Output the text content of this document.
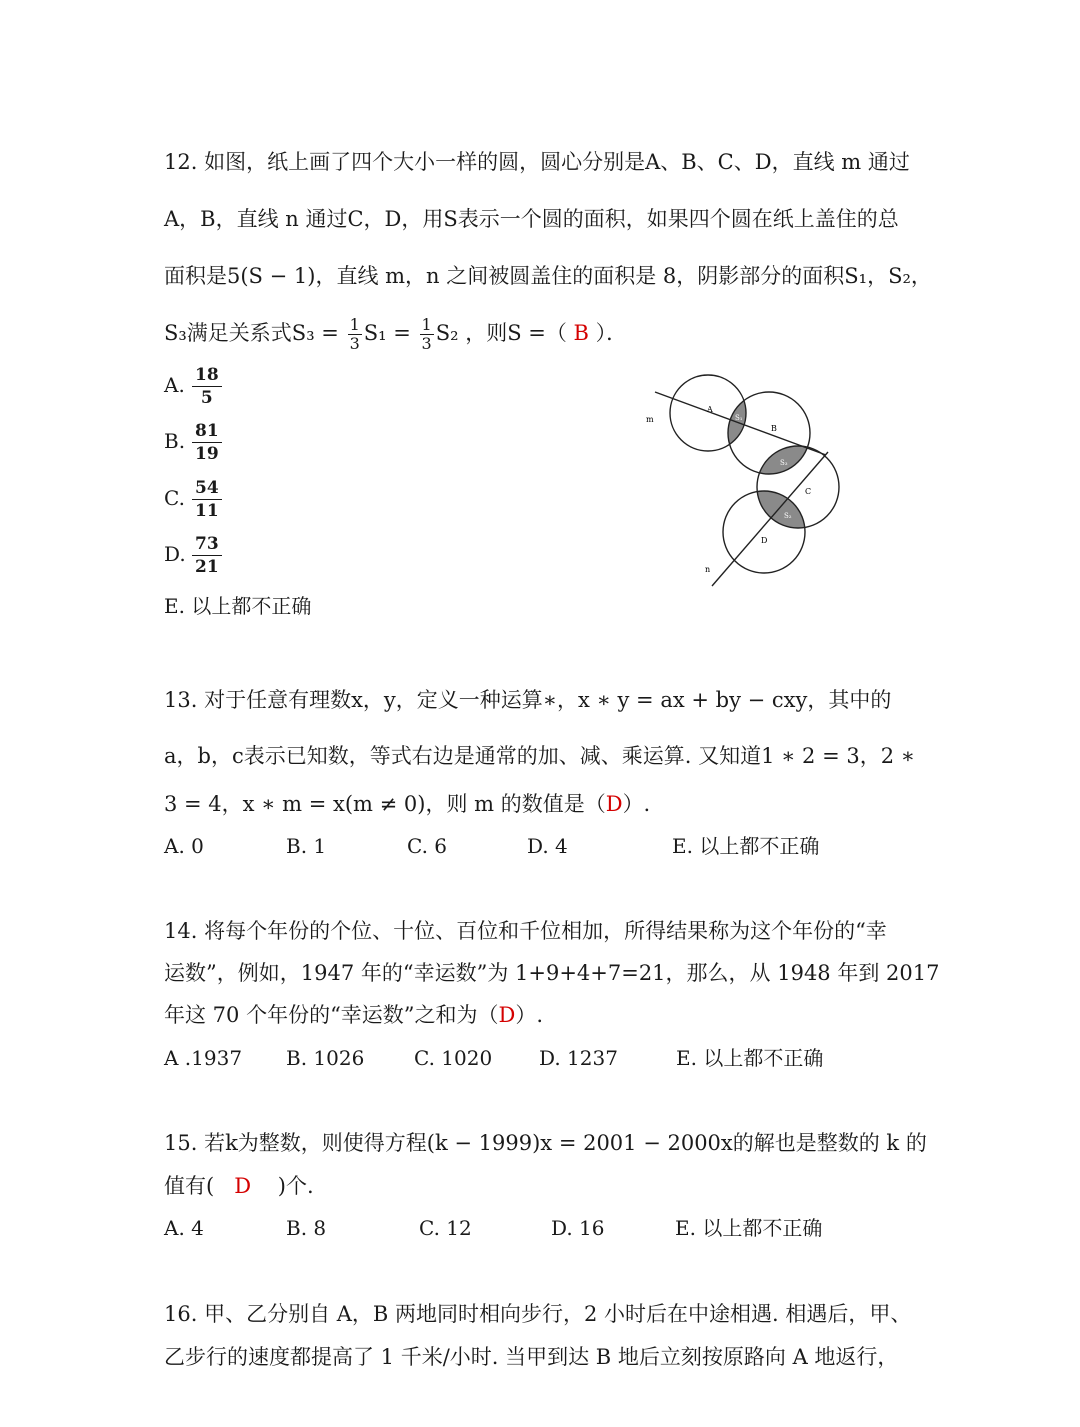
12. 如图，纸上画了四个大小一样的圆，圆心分别是A、B、C、D，直线 m 通过
A，B，直线 n 通过C，D，用S表示一个圆的面积，如果四个圆在纸上盖住的总
面积是5(S − 1)，直线 m，n 之间被圆盖住的面积是 8，阴影部分的面积S₁，S₂，
S₃满足关系式$S_3 = \frac{1}{3} S_1 = \frac{1}{3} S_2$ ，则S =（ B ）．
A. $\frac{18}{5}$
B. $\frac{81}{19}$
C. $\frac{54}{11}$
D. $\frac{73}{21}$
E. 以上都不正确
A
B
C
D
m
n
S₁
S₃
S₂
13. 对于任意有理数x，y，定义一种运算∗，x ∗ y = ax + by − cxy，其中的
a，b，c表示已知数，等式右边是通常的加、减、乘运算. 又知道1 ∗ 2 = 3，2 ∗
3 = 4，x ∗ m = x(m ≠ 0)，则 m 的数值是（D）.
A. 0	B. 1	C. 6	D. 4	E. 以上都不正确
14. 将每个年份的个位、十位、百位和千位相加，所得结果称为这个年份的“幸
运数”，例如，1947 年的“幸运数”为 1+9+4+7=21，那么，从 1948 年到 2017
年这 70 个年份的“幸运数”之和为（D）.
A .1937 B. 1026 C. 1020 D. 1237	E. 以上都不正确
15. 若k为整数，则使得方程(k − 1999)x = 2001 − 2000x的解也是整数的 k 的
值有( D )个.
A. 4	B. 8	C. 12	D. 16	E. 以上都不正确
16. 甲、乙分别自 A，B 两地同时相向步行，2 小时后在中途相遇. 相遇后，甲、
乙步行的速度都提高了 1 千米/小时. 当甲到达 B 地后立刻按原路向 A 地返行，
